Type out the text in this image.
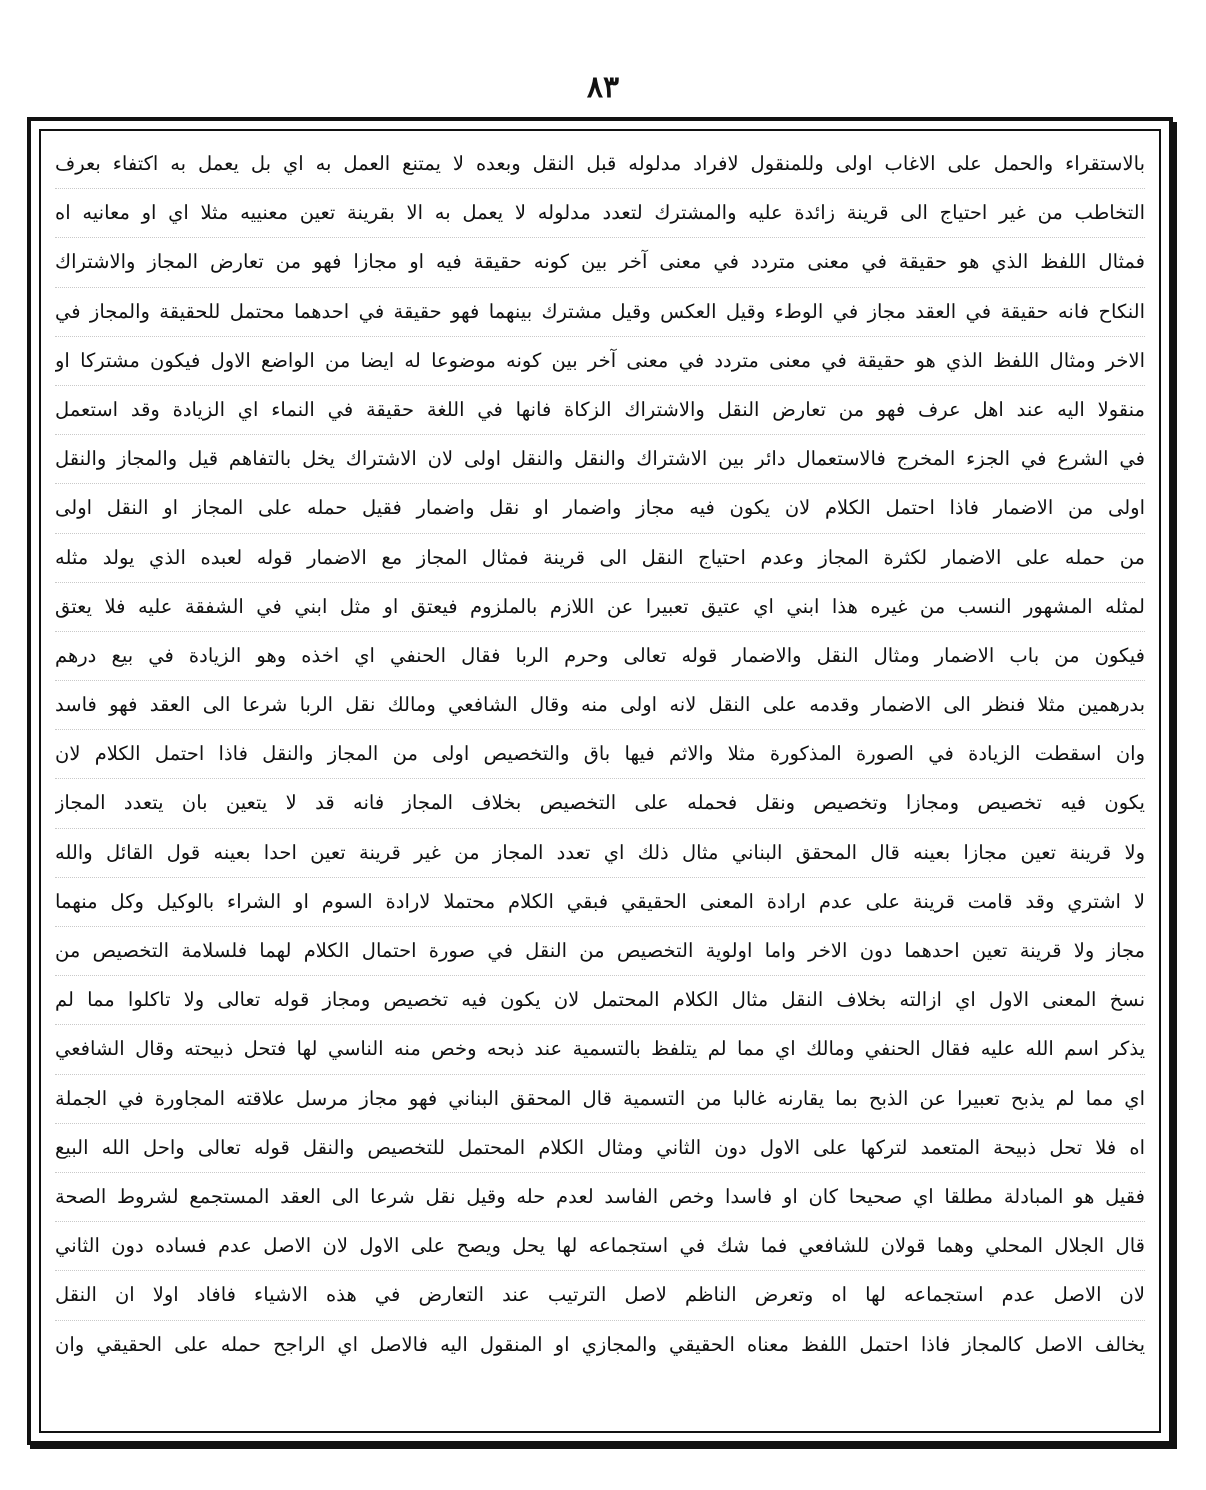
٨٣
بالاستقراء والحمل على الاغاب اولى وللمنقول لافراد مدلوله قبل النقل وبعده لا يمتنع العمل به اي بل يعمل به اكتفاء بعرف
التخاطب من غير احتياج الى قرينة زائدة عليه والمشترك لتعدد مدلوله لا يعمل به الا بقرينة تعين معنييه مثلا اي او معانيه اه
فمثال اللفظ الذي هو حقيقة في معنى متردد في معنى آخر بين كونه حقيقة فيه او مجازا فهو من تعارض المجاز والاشتراك
النكاح فانه حقيقة في العقد مجاز في الوطء وقيل العكس وقيل مشترك بينهما فهو حقيقة في احدهما محتمل للحقيقة والمجاز في
الاخر ومثال اللفظ الذي هو حقيقة في معنى متردد في معنى آخر بين كونه موضوعا له ايضا من الواضع الاول فيكون مشتركا او
منقولا اليه عند اهل عرف فهو من تعارض النقل والاشتراك الزكاة فانها في اللغة حقيقة في النماء اي الزيادة وقد استعمل
في الشرع في الجزء المخرج فالاستعمال دائر بين الاشتراك والنقل والنقل اولى لان الاشتراك يخل بالتفاهم قيل والمجاز والنقل
اولى من الاضمار فاذا احتمل الكلام لان يكون فيه مجاز واضمار او نقل واضمار فقيل حمله على المجاز او النقل اولى
من حمله على الاضمار لكثرة المجاز وعدم احتياج النقل الى قرينة فمثال المجاز مع الاضمار قوله لعبده الذي يولد مثله
لمثله المشهور النسب من غيره هذا ابني اي عتيق تعبيرا عن اللازم بالملزوم فيعتق او مثل ابني في الشفقة عليه فلا يعتق
فيكون من باب الاضمار ومثال النقل والاضمار قوله تعالى وحرم الربا فقال الحنفي اي اخذه وهو الزيادة في بيع درهم
بدرهمين مثلا فنظر الى الاضمار وقدمه على النقل لانه اولى منه وقال الشافعي ومالك نقل الربا شرعا الى العقد فهو فاسد
وان اسقطت الزيادة في الصورة المذكورة مثلا والاثم فيها باق والتخصيص اولى من المجاز والنقل فاذا احتمل الكلام لان
يكون فيه تخصيص ومجازا وتخصيص ونقل فحمله على التخصيص بخلاف المجاز فانه قد لا يتعين بان يتعدد المجاز
ولا قرينة تعين مجازا بعينه قال المحقق البناني مثال ذلك اي تعدد المجاز من غير قرينة تعين احدا بعينه قول القائل والله
لا اشتري وقد قامت قرينة على عدم ارادة المعنى الحقيقي فبقي الكلام محتملا لارادة السوم او الشراء بالوكيل وكل منهما
مجاز ولا قرينة تعين احدهما دون الاخر واما اولوية التخصيص من النقل في صورة احتمال الكلام لهما فلسلامة التخصيص من
نسخ المعنى الاول اي ازالته بخلاف النقل مثال الكلام المحتمل لان يكون فيه تخصيص ومجاز قوله تعالى ولا تاكلوا مما لم
يذكر اسم الله عليه فقال الحنفي ومالك اي مما لم يتلفظ بالتسمية عند ذبحه وخص منه الناسي لها فتحل ذبيحته وقال الشافعي
اي مما لم يذبح تعبيرا عن الذبح بما يقارنه غالبا من التسمية قال المحقق البناني فهو مجاز مرسل علاقته المجاورة في الجملة
اه فلا تحل ذبيحة المتعمد لتركها على الاول دون الثاني ومثال الكلام المحتمل للتخصيص والنقل قوله تعالى واحل الله البيع
فقيل هو المبادلة مطلقا اي صحيحا كان او فاسدا وخص الفاسد لعدم حله وقيل نقل شرعا الى العقد المستجمع لشروط الصحة
قال الجلال المحلي وهما قولان للشافعي فما شك في استجماعه لها يحل ويصح على الاول لان الاصل عدم فساده دون الثاني
لان الاصل عدم استجماعه لها اه وتعرض الناظم لاصل الترتيب عند التعارض في هذه الاشياء فافاد اولا ان النقل
يخالف الاصل كالمجاز فاذا احتمل اللفظ معناه الحقيقي والمجازي او المنقول اليه فالاصل اي الراجح حمله على الحقيقي وان
